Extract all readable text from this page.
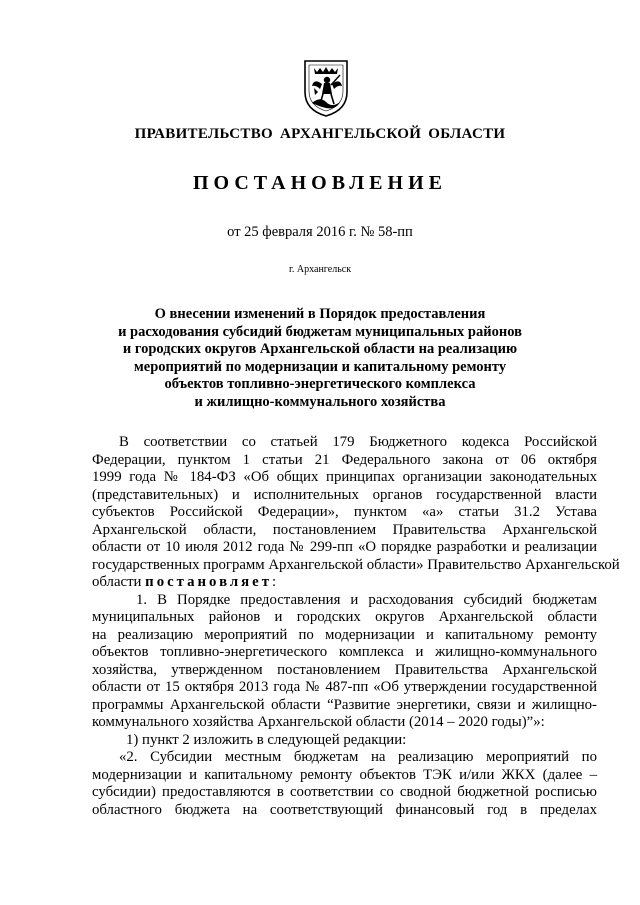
ПРАВИТЕЛЬСТВО АРХАНГЕЛЬСКОЙ ОБЛАСТИ
ПОСТАНОВЛЕНИЕ
от 25 февраля 2016 г. № 58-пп
г. Архангельск
О внесении изменений в Порядок предоставления
и расходования субсидий бюджетам муниципальных районов
и городских округов Архангельской области на реализацию
мероприятий по модернизации и капитальному ремонту
объектов топливно-энергетического комплекса
и жилищно-коммунального хозяйства
В соответствии со статьей 179 Бюджетного кодекса Российской
Федерации, пунктом 1 статьи 21 Федерального закона от 06 октября
1999 года № 184-ФЗ «Об общих принципах организации законодательных
(представительных) и исполнительных органов государственной власти
субъектов Российской Федерации», пунктом «а» статьи 31.2 Устава
Архангельской области, постановлением Правительства Архангельской
области от 10 июля 2012 года № 299-пп «О порядке разработки и реализации
государственных программ Архангельской области» Правительство Архангельской
области постановляет:
1. В Порядке предоставления и расходования субсидий бюджетам
муниципальных районов и городских округов Архангельской области
на реализацию мероприятий по модернизации и капитальному ремонту
объектов топливно-энергетического комплекса и жилищно-коммунального
хозяйства, утвержденном постановлением Правительства Архангельской
области от 15 октября 2013 года № 487-пп «Об утверждении государственной
программы Архангельской области “Развитие энергетики, связи и жилищно-
коммунального хозяйства Архангельской области (2014 – 2020 годы)”»:
1) пункт 2 изложить в следующей редакции:
«2. Субсидии местным бюджетам на реализацию мероприятий по
модернизации и капитальному ремонту объектов ТЭК и/или ЖКХ (далее –
субсидии) предоставляются в соответствии со сводной бюджетной росписью
областного бюджета на соответствующий финансовый год в пределах
